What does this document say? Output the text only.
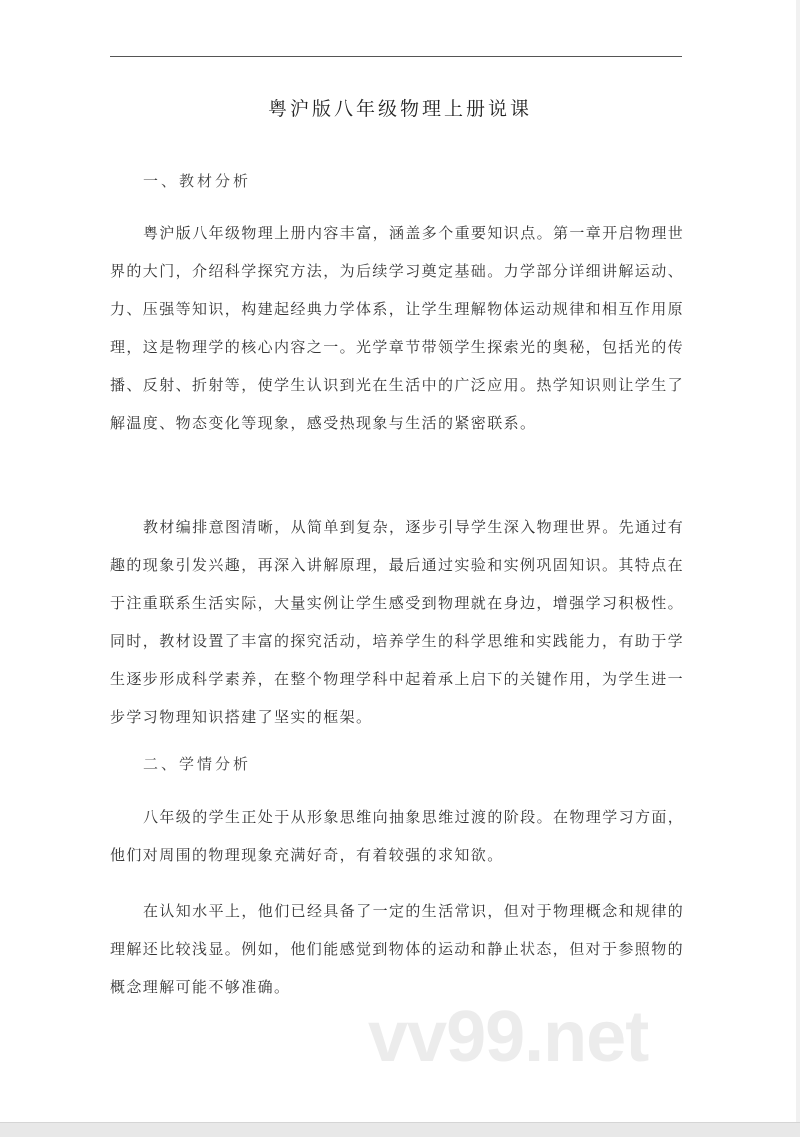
粤沪版八年级物理上册说课
一、教材分析
粤沪版八年级物理上册内容丰富，涵盖多个重要知识点。第一章开启物理世
界的大门，介绍科学探究方法，为后续学习奠定基础。力学部分详细讲解运动、
力、压强等知识，构建起经典力学体系，让学生理解物体运动规律和相互作用原
理，这是物理学的核心内容之一。光学章节带领学生探索光的奥秘，包括光的传
播、反射、折射等，使学生认识到光在生活中的广泛应用。热学知识则让学生了
解温度、物态变化等现象，感受热现象与生活的紧密联系。
教材编排意图清晰，从简单到复杂，逐步引导学生深入物理世界。先通过有
趣的现象引发兴趣，再深入讲解原理，最后通过实验和实例巩固知识。其特点在
于注重联系生活实际，大量实例让学生感受到物理就在身边，增强学习积极性。
同时，教材设置了丰富的探究活动，培养学生的科学思维和实践能力，有助于学
生逐步形成科学素养，在整个物理学科中起着承上启下的关键作用，为学生进一
步学习物理知识搭建了坚实的框架。
二、学情分析
八年级的学生正处于从形象思维向抽象思维过渡的阶段。在物理学习方面，
他们对周围的物理现象充满好奇，有着较强的求知欲。
在认知水平上，他们已经具备了一定的生活常识，但对于物理概念和规律的
理解还比较浅显。例如，他们能感觉到物体的运动和静止状态，但对于参照物的
概念理解可能不够准确。
vv99.net
